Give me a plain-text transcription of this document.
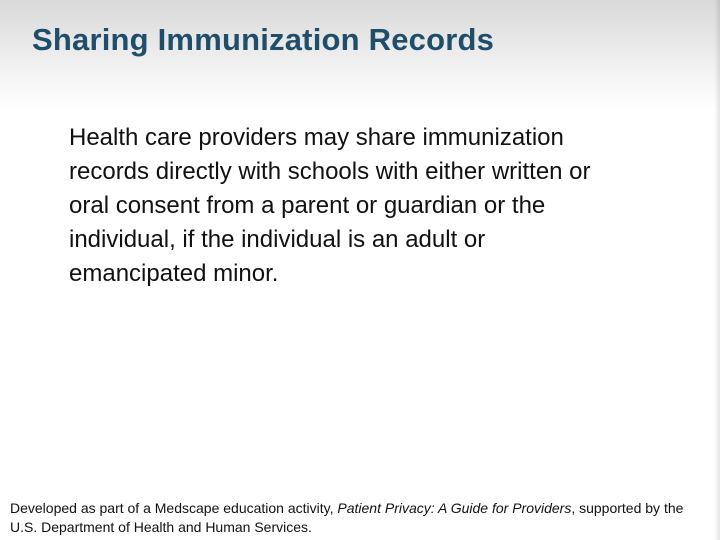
Sharing Immunization Records

Health care providers may share immunization records directly with schools with either written or oral consent from a parent or guardian or the individual, if the individual is an adult or emancipated minor.

Developed as part of a Medscape education activity, Patient Privacy: A Guide for Providers, supported by the U.S. Department of Health and Human Services.
